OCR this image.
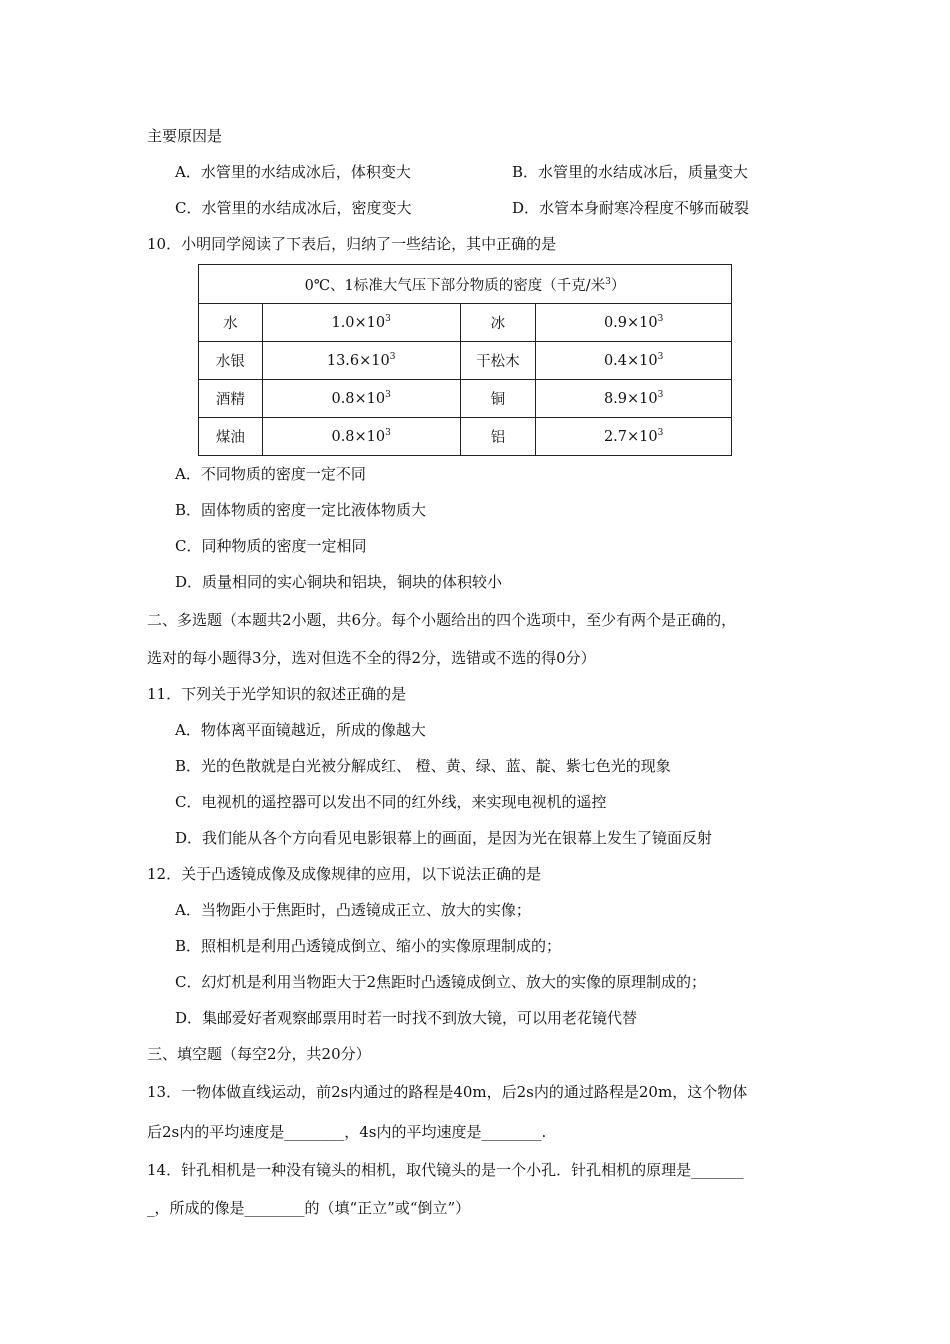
主要原因是
A．水管里的水结成冰后，体积变大	B．水管里的水结成冰后，质量变大
C．水管里的水结成冰后，密度变大	D．水管本身耐寒冷程度不够而破裂
10．小明同学阅读了下表后，归纳了一些结论，其中正确的是
0℃、1标准大气压下部分物质的密度（千克/米$^3$）			
水	$1.0\times 10^3$	冰	$0.9\times 10^3$
水银	$13.6\times 10^3$	干松木	$0.4\times 10^3$
酒精	$0.8\times 10^3$	铜	$8.9\times 10^3$
煤油	$0.8\times 10^3$	铝	$2.7\times 10^3$
A．不同物质的密度一定不同
B．固体物质的密度一定比液体物质大
C．同种物质的密度一定相同
D．质量相同的实心铜块和铝块，铜块的体积较小
二、多选题（本题共2小题，共6分。每个小题给出的四个选项中，至少有两个是正确的，
选对的每小题得3分，选对但选不全的得2分，选错或不选的得0分）
11．下列关于光学知识的叙述正确的是
A．物体离平面镜越近，所成的像越大
B．光的色散就是白光被分解成红、 橙、黄、绿、蓝、靛、紫七色光的现象
C．电视机的遥控器可以发出不同的红外线，来实现电视机的遥控
D．我们能从各个方向看见电影银幕上的画面，是因为光在银幕上发生了镜面反射
12．关于凸透镜成像及成像规律的应用，以下说法正确的是
A．当物距小于焦距时，凸透镜成正立、放大的实像；
B．照相机是利用凸透镜成倒立、缩小的实像原理制成的；
C．幻灯机是利用当物距大于2焦距时凸透镜成倒立、放大的实像的原理制成的；
D．集邮爱好者观察邮票用时若一时找不到放大镜，可以用老花镜代替
三、填空题（每空2分，共20分）
13．一物体做直线运动，前2s内通过的路程是40m，后2s内的通过路程是20m，这个物体
后2s内的平均速度是________，4s内的平均速度是________.
14．针孔相机是一种没有镜头的相机，取代镜头的是一个小孔．针孔相机的原理是_______
_，所成的像是________的（填“正立”或“倒立”）
